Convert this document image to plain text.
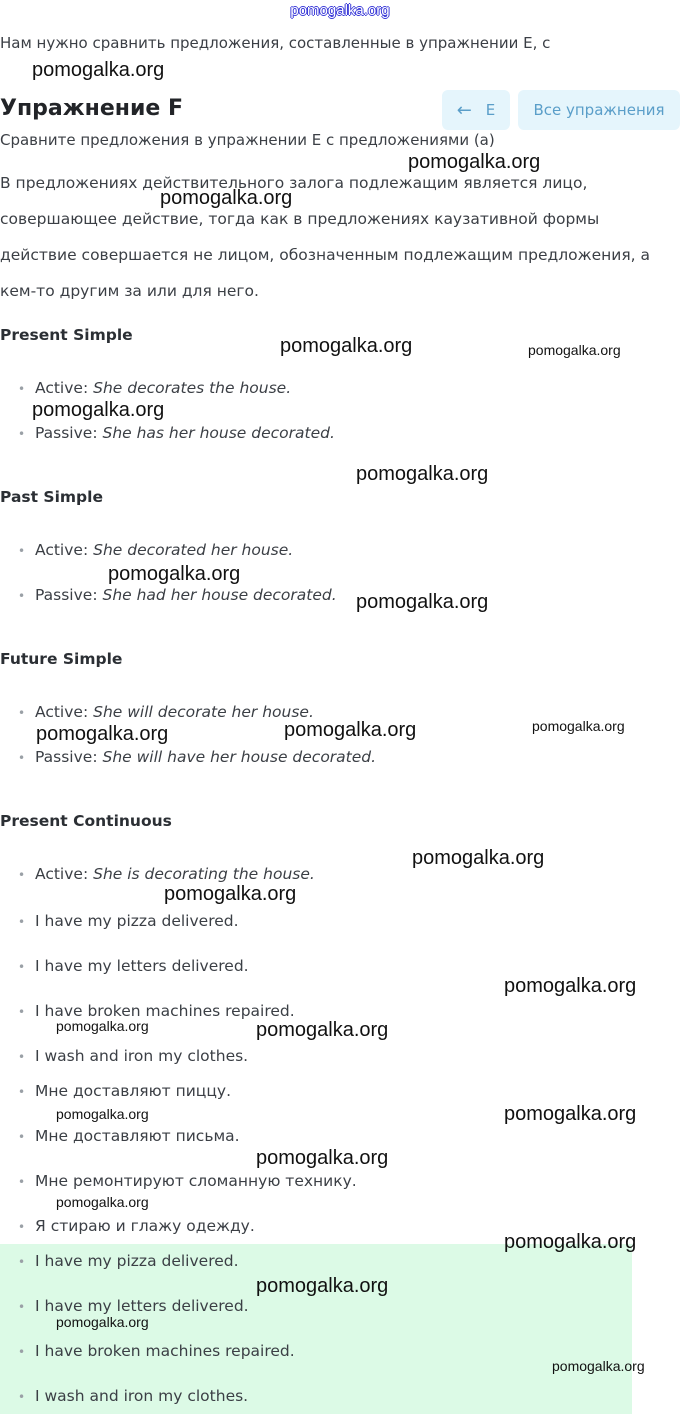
pomogalka.org
Нам нужно сравнить предложения, составленные в упражнении E, с
Упражнение F	← E	Все упражнения
Сравните предложения в упражнении E с предложениями (а)
В предложениях действительного залога подлежащим является лицо,
совершающее действие, тогда как в предложениях каузативной формы
действие совершается не лицом, обозначенным подлежащим предложения, а
кем-то другим за или для него.
Present Simple
• Active: She decorates the house.
• Passive: She has her house decorated.
Past Simple
• Active: She decorated her house.
• Passive: She had her house decorated.
Future Simple
• Active: She will decorate her house.
• Passive: She will have her house decorated.
Present Continuous
• Active: She is decorating the house.
• I have my pizza delivered.
• I have my letters delivered.
• I have broken machines repaired.
• I wash and iron my clothes.
• Мне доставляют пиццу.
• Мне доставляют письма.
• Мне ремонтируют сломанную технику.
• Я стираю и глажу одежду.
• I have my pizza delivered.
• I have my letters delivered.
• I have broken machines repaired.
• I wash and iron my clothes.
pomogalka.org
pomogalka.org
pomogalka.org
pomogalka.org	pomogalka.org
pomogalka.org
pomogalka.org
pomogalka.org
pomogalka.org
pomogalka.org	pomogalka.org
pomogalka.org
pomogalka.org
pomogalka.org
pomogalka.org
pomogalka.org	pomogalka.org
pomogalka.org
pomogalka.org
pomogalka.org
pomogalka.org
pomogalka.org
pomogalka.org
pomogalka.org
pomogalka.org
